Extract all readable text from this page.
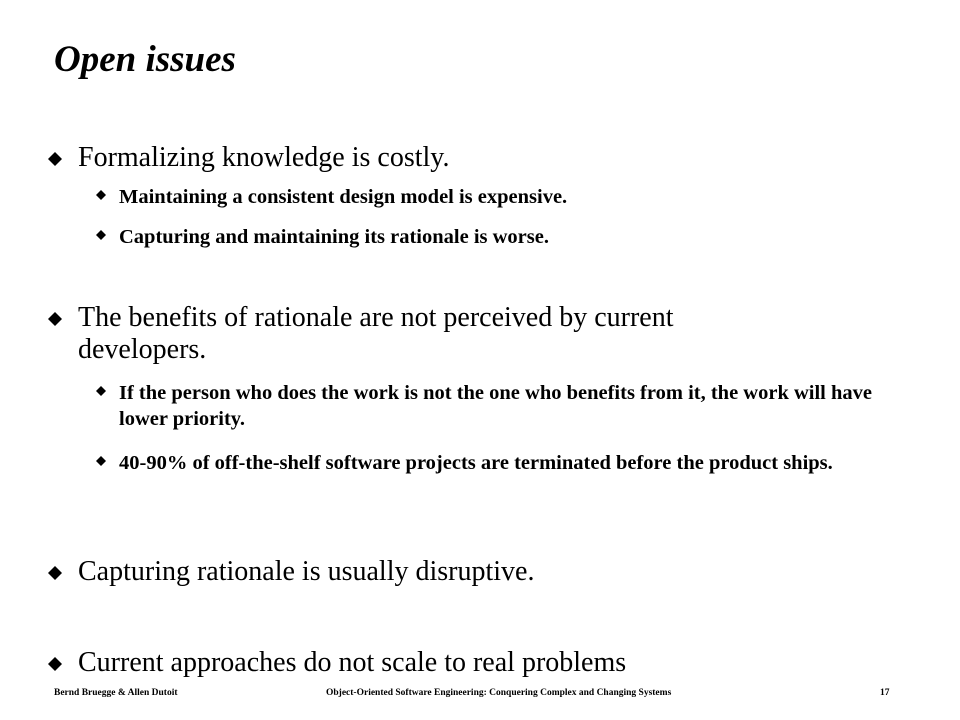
Open issues
Formalizing knowledge is costly.
Maintaining a consistent design model is expensive.
Capturing and maintaining its rationale is worse.
The benefits of rationale are not perceived by current developers.
If the person who does the work is not the one who benefits from it, the work will have lower priority.
40-90% of off-the-shelf software projects are terminated before the product ships.
Capturing rationale is usually disruptive.
Current approaches do not scale to real problems
Bernd Bruegge & Allen Dutoit	Object-Oriented Software Engineering: Conquering Complex and Changing Systems	17
